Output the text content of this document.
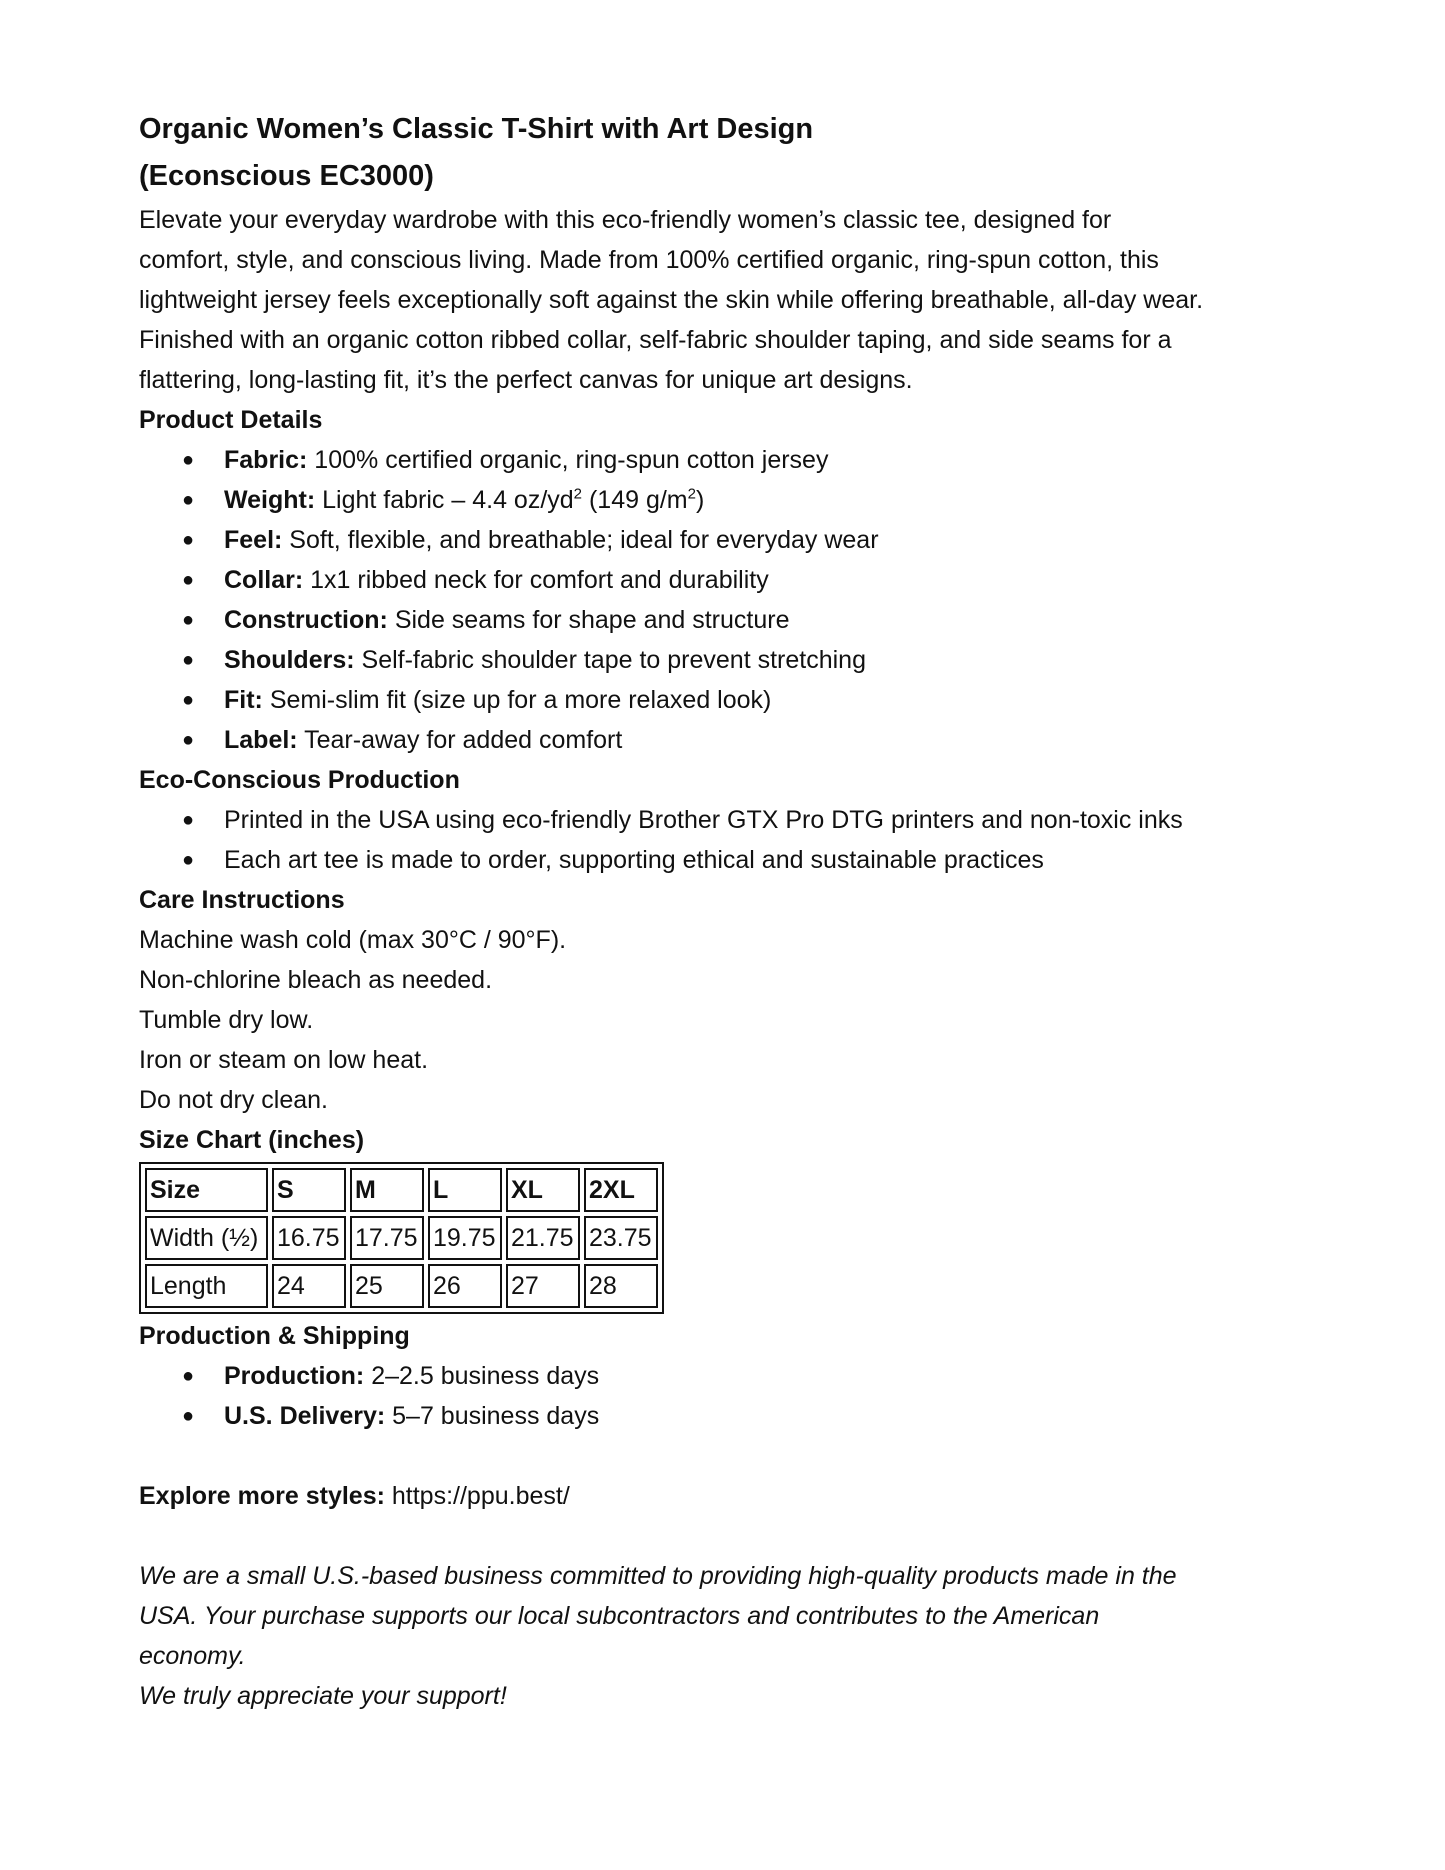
Organic Women’s Classic T-Shirt with Art Design
(Econscious EC3000)

Elevate your everyday wardrobe with this eco-friendly women’s classic tee, designed for

comfort, style, and conscious living. Made from 100% certified organic, ring-spun cotton, this

lightweight jersey feels exceptionally soft against the skin while offering breathable, all-day wear.

Finished with an organic cotton ribbed collar, self-fabric shoulder taping, and side seams for a

flattering, long-lasting fit, it’s the perfect canvas for unique art designs.

Product Details

● Fabric: 100% certified organic, ring-spun cotton jersey
● Weight: Light fabric – 4.4 $oz/yd^2$ (149 $g/m^2$)
● Feel: Soft, flexible, and breathable; ideal for everyday wear
● Collar: 1x1 ribbed neck for comfort and durability
● Construction: Side seams for shape and structure
● Shoulders: Self-fabric shoulder tape to prevent stretching
● Fit: Semi-slim fit (size up for a more relaxed look)
● Label: Tear-away for added comfort

Eco-Conscious Production

● Printed in the USA using eco-friendly Brother GTX Pro DTG printers and non-toxic inks
● Each art tee is made to order, supporting ethical and sustainable practices

Care Instructions

Machine wash cold (max 30°C / 90°F).

Non-chlorine bleach as needed.

Tumble dry low.

Iron or steam on low heat.

Do not dry clean.

Size Chart (inches)

Size	S	M	L	XL	2XL
Width (½)	16.75	17.75	19.75	21.75	23.75
Length	24	25	26	27	28

Production & Shipping

● Production: 2–2.5 business days
● U.S. Delivery: 5–7 business days

Explore more styles: https://ppu.best/

We are a small U.S.-based business committed to providing high-quality products made in the

USA. Your purchase supports our local subcontractors and contributes to the American

economy.

We truly appreciate your support!
